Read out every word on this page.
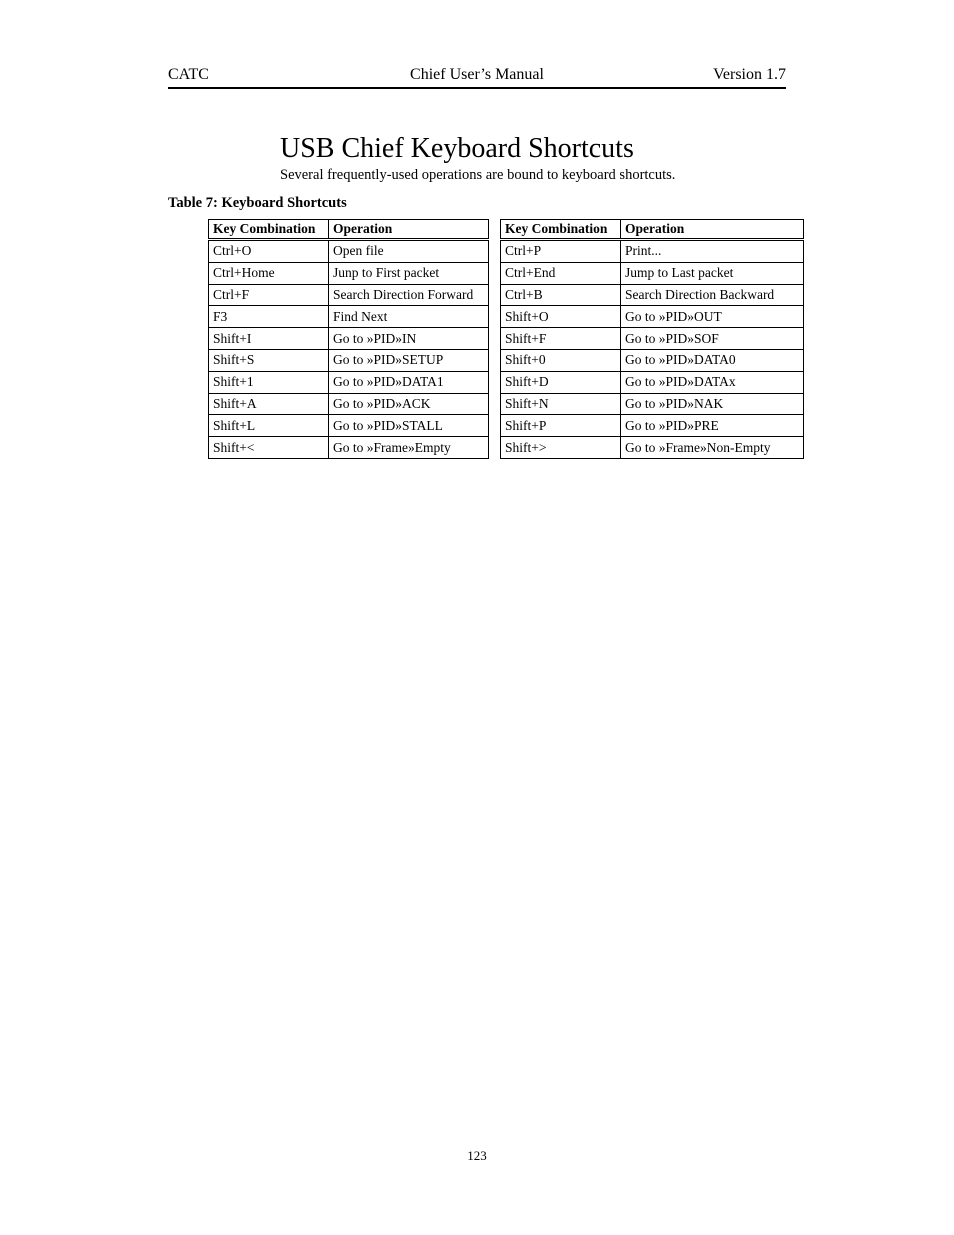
CATC	Chief User’s Manual	Version 1.7
USB Chief Keyboard Shortcuts
Several frequently-used operations are bound to keyboard shortcuts.
Table 7: Keyboard Shortcuts
Key Combination	Operation
Ctrl+O	Open file
Ctrl+Home	Junp to First packet
Ctrl+F	Search Direction Forward
F3	Find Next
Shift+I	Go to »PID»IN
Shift+S	Go to »PID»SETUP
Shift+1	Go to »PID»DATA1
Shift+A	Go to »PID»ACK
Shift+L	Go to »PID»STALL
Shift+<	Go to »Frame»Empty
Key Combination	Operation
Ctrl+P	Print...
Ctrl+End	Jump to Last packet
Ctrl+B	Search Direction Backward
Shift+O	Go to »PID»OUT
Shift+F	Go to »PID»SOF
Shift+0	Go to »PID»DATA0
Shift+D	Go to »PID»DATAx
Shift+N	Go to »PID»NAK
Shift+P	Go to »PID»PRE
Shift+>	Go to »Frame»Non-Empty
123
